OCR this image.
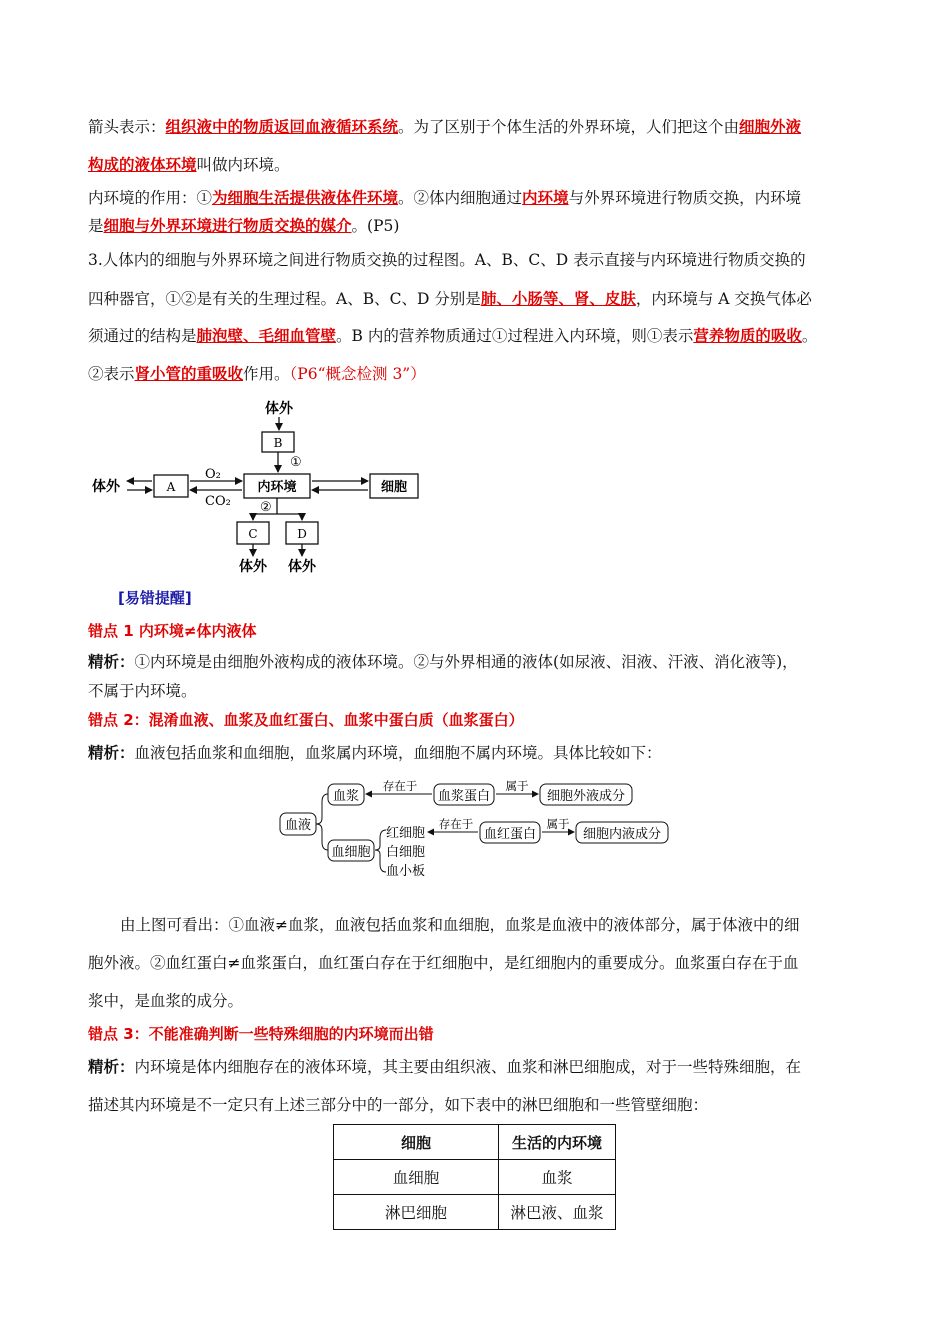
箭头表示：组织液中的物质返回血液循环系统。为了区别于个体生活的外界环境，人们把这个由细胞外液
构成的液体环境叫做内环境。
内环境的作用：①为细胞生活提供液体件环境。②体内细胞通过内环境与外界环境进行物质交换，内环境
是细胞与外界环境进行物质交换的媒介。(P5)
3.人体内的细胞与外界环境之间进行物质交换的过程图。A、B、C、D 表示直接与内环境进行物质交换的
四种器官，①②是有关的生理过程。A、B、C、D 分别是肺、小肠等、肾、皮肤，内环境与 A 交换气体必
须通过的结构是肺泡壁、毛细血管壁。B 内的营养物质通过①过程进入内环境，则①表示营养物质的吸收。
②表示肾小管的重吸收作用。（P6“概念检测 3”）
体外
B
①
体外	A
O₂
CO₂
内环境	细胞
②
C	D
体外 体外
[易错提醒]
错点 1 内环境≠体内液体
精析：①内环境是由细胞外液构成的液体环境。②与外界相通的液体(如尿液、泪液、汗液、消化液等)，
不属于内环境。
错点 2：混淆血液、血浆及血红蛋白、血浆中蛋白质（血浆蛋白）
精析：血液包括血浆和血细胞，血浆属内环境，血细胞不属内环境。具体比较如下：
血液
血浆
存在于
血浆蛋白
属于
细胞外液成分
血细胞
红细胞
白细胞
血小板
存在于
血红蛋白
属于
细胞内液成分
由上图可看出：①血液≠血浆，血液包括血浆和血细胞，血浆是血液中的液体部分，属于体液中的细
胞外液。②血红蛋白≠血浆蛋白，血红蛋白存在于红细胞中，是红细胞内的重要成分。血浆蛋白存在于血
浆中，是血浆的成分。
错点 3：不能准确判断一些特殊细胞的内环境而出错
精析：内环境是体内细胞存在的液体环境，其主要由组织液、血浆和淋巴细胞成，对于一些特殊细胞，在
描述其内环境是不一定只有上述三部分中的一部分，如下表中的淋巴细胞和一些管壁细胞：
细胞	生活的内环境
血细胞	血浆
淋巴细胞	淋巴液、血浆
